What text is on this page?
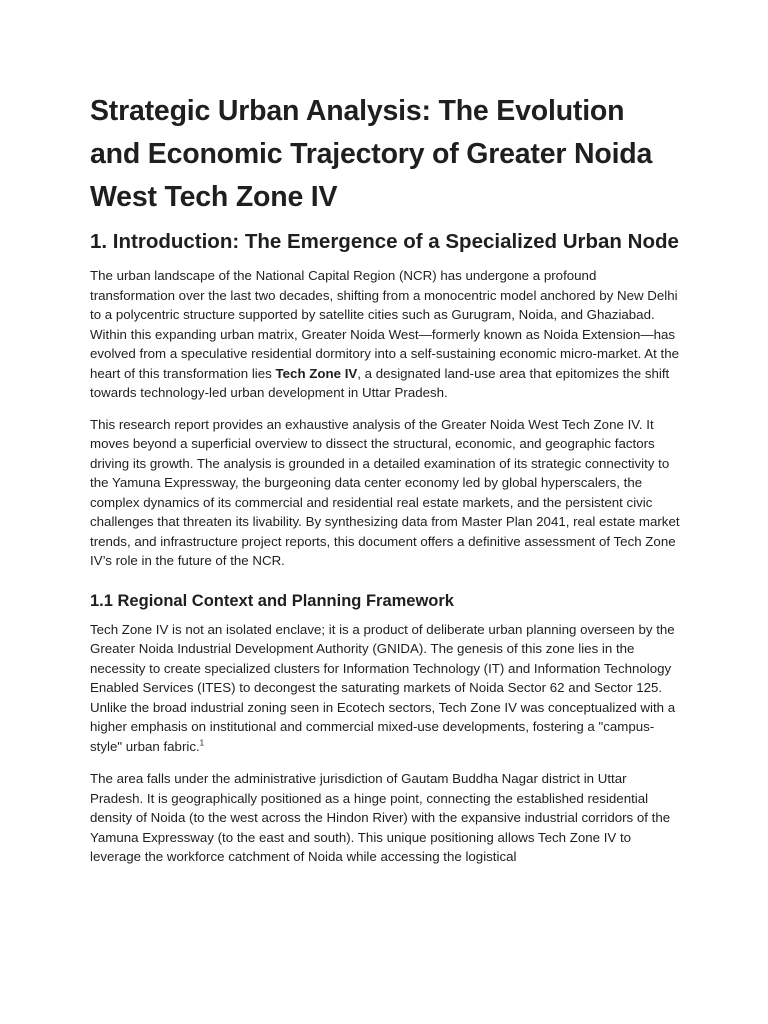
Strategic Urban Analysis: The Evolution and Economic Trajectory of Greater Noida West Tech Zone IV
1. Introduction: The Emergence of a Specialized Urban Node

The urban landscape of the National Capital Region (NCR) has undergone a profound transformation over the last two decades, shifting from a monocentric model anchored by New Delhi to a polycentric structure supported by satellite cities such as Gurugram, Noida, and Ghaziabad. Within this expanding urban matrix, Greater Noida West—formerly known as Noida Extension—has evolved from a speculative residential dormitory into a self-sustaining economic micro-market. At the heart of this transformation lies Tech Zone IV, a designated land-use area that epitomizes the shift towards technology-led urban development in Uttar Pradesh.

This research report provides an exhaustive analysis of the Greater Noida West Tech Zone IV. It moves beyond a superficial overview to dissect the structural, economic, and geographic factors driving its growth. The analysis is grounded in a detailed examination of its strategic connectivity to the Yamuna Expressway, the burgeoning data center economy led by global hyperscalers, the complex dynamics of its commercial and residential real estate markets, and the persistent civic challenges that threaten its livability. By synthesizing data from Master Plan 2041, real estate market trends, and infrastructure project reports, this document offers a definitive assessment of Tech Zone IV’s role in the future of the NCR.

1.1 Regional Context and Planning Framework

Tech Zone IV is not an isolated enclave; it is a product of deliberate urban planning overseen by the Greater Noida Industrial Development Authority (GNIDA). The genesis of this zone lies in the necessity to create specialized clusters for Information Technology (IT) and Information Technology Enabled Services (ITES) to decongest the saturating markets of Noida Sector 62 and Sector 125. Unlike the broad industrial zoning seen in Ecotech sectors, Tech Zone IV was conceptualized with a higher emphasis on institutional and commercial mixed-use developments, fostering a "campus-style" urban fabric.$^1$

The area falls under the administrative jurisdiction of Gautam Buddha Nagar district in Uttar Pradesh. It is geographically positioned as a hinge point, connecting the established residential density of Noida (to the west across the Hindon River) with the expansive industrial corridors of the Yamuna Expressway (to the east and south). This unique positioning allows Tech Zone IV to leverage the workforce catchment of Noida while accessing the logistical
